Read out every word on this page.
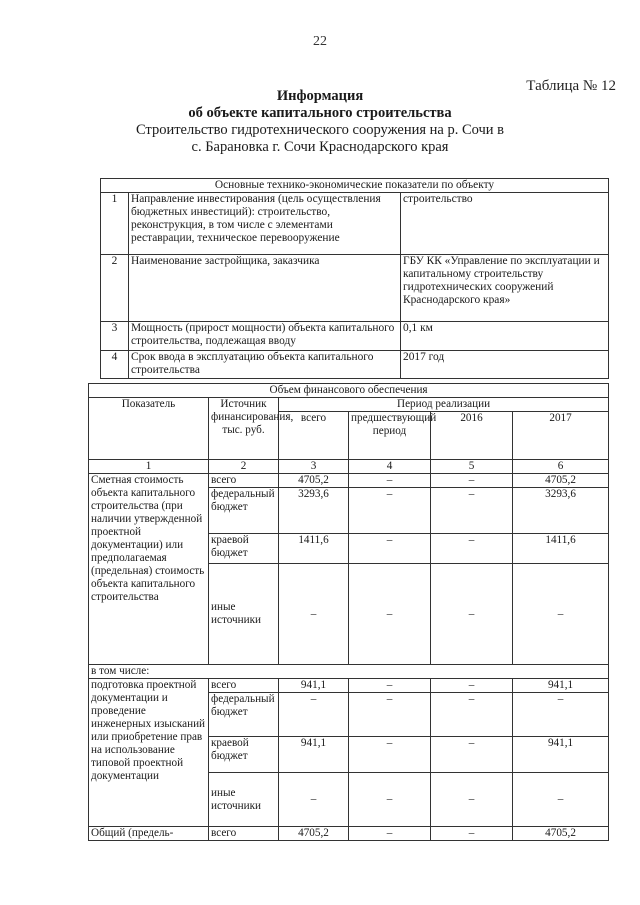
22
Таблица № 12
Информация
об объекте капитального строительства
Строительство гидротехнического сооружения на р. Сочи в
с. Барановка г. Сочи Краснодарского края
Основные технико-экономические показатели по объекту		
1	Направление инвестирования (цель осуществления бюджетных инвестиций): строительство, реконструкция, в том числе с элементами реставрации, техническое перевооружение	строительство
2	Наименование застройщика, заказчика	ГБУ КК «Управление по эксплуатации и капитальному строительству гидротехнических сооружений Краснодарского края»
3	Мощность (прирост мощности) объекта капитального строительства, подлежащая вводу	0,1 км
4	Срок ввода в эксплуатацию объекта капитального строительства	2017 год
Объем финансового обеспечения					
Показатель	Источник финансирования, тыс. руб.	Период реализации			
		всего	предшествующий период	2016	2017
1	2	3	4	5	6
Сметная стоимость объекта капитального строительства (при наличии утвержденной проектной документации) или предполагаемая (предельная) стоимость объекта капитального строительства	всего	4705,2	–	–	4705,2
	федеральный бюджет	3293,6	–	–	3293,6
	краевой бюджет	1411,6	–	–	1411,6
	иные источники	–	–	–	–
в том числе:					
подготовка проектной документации и проведение инженерных изысканий или приобретение прав на использование типовой проектной документации	всего	941,1	–	–	941,1
	федеральный бюджет	–	–	–	–
	краевой бюджет	941,1	–	–	941,1
	иные источники	–	–	–	–
Общий (предель-	всего	4705,2	–	–	4705,2
